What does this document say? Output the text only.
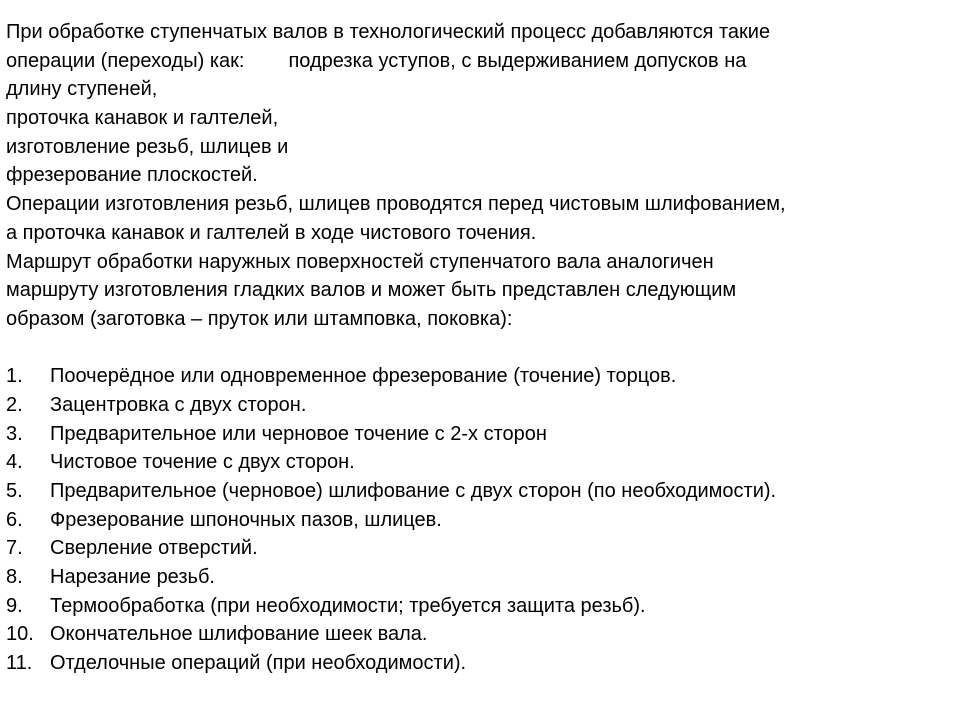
При обработке ступенчатых валов в технологический процесс добавляются такие
операции (переходы) как: подрезка уступов, с выдерживанием допусков на
длину ступеней,
проточка канавок и галтелей,
изготовление резьб, шлицев и
фрезерование плоскостей.
Операции изготовления резьб, шлицев проводятся перед чистовым шлифованием,
а проточка канавок и галтелей в ходе чистового точения.
Маршрут обработки наружных поверхностей ступенчатого вала аналогичен
маршруту изготовления гладких валов и может быть представлен следующим
образом (заготовка – пруток или штамповка, поковка):
1.	Поочерёдное или одновременное фрезерование (точение) торцов.
2.	Зацентровка с двух сторон.
3.	Предварительное или черновое точение с 2-х сторон
4.	Чистовое точение с двух сторон.
5.	Предварительное (черновое) шлифование с двух сторон (по необходимости).
6.	Фрезерование шпоночных пазов, шлицев.
7.	Сверление отверстий.
8.	Нарезание резьб.
9.	Термообработка (при необходимости; требуется защита резьб).
10. Окончательное шлифование шеек вала.
11. Отделочные операций (при необходимости).
